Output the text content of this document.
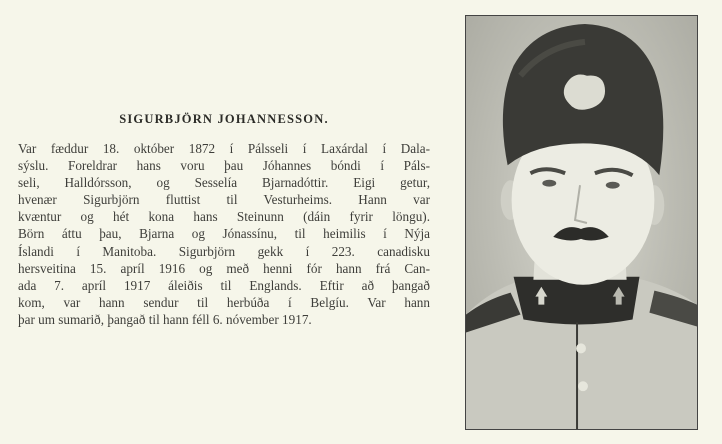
SIGURBJÖRN JOHANNESSON.

Var fæddur 18. október 1872 í Pálsseli í Laxárdal í Dala-
sýslu. Foreldrar hans voru þau Jóhannes bóndi í Páls-
seli, Halldórsson, og Sesselía Bjarnadóttir. Eigi getur,
hvenær Sigurbjörn fluttist til Vesturheims. Hann var
kvæntur og hét kona hans Steinunn (dáin fyrir löngu).
Börn áttu þau, Bjarna og Jónassínu, til heimilis í Nýja
Íslandi í Manitoba. Sigurbjörn gekk í 223. canadisku
hersveitina 15. apríl 1916 og með henni fór hann frá Can-
ada 7. apríl 1917 áleiðis til Englands. Eftir að þangað
kom, var hann sendur til herbúða í Belgíu. Var hann
þar um sumarið, þangað til hann féll 6. nóvember 1917.
